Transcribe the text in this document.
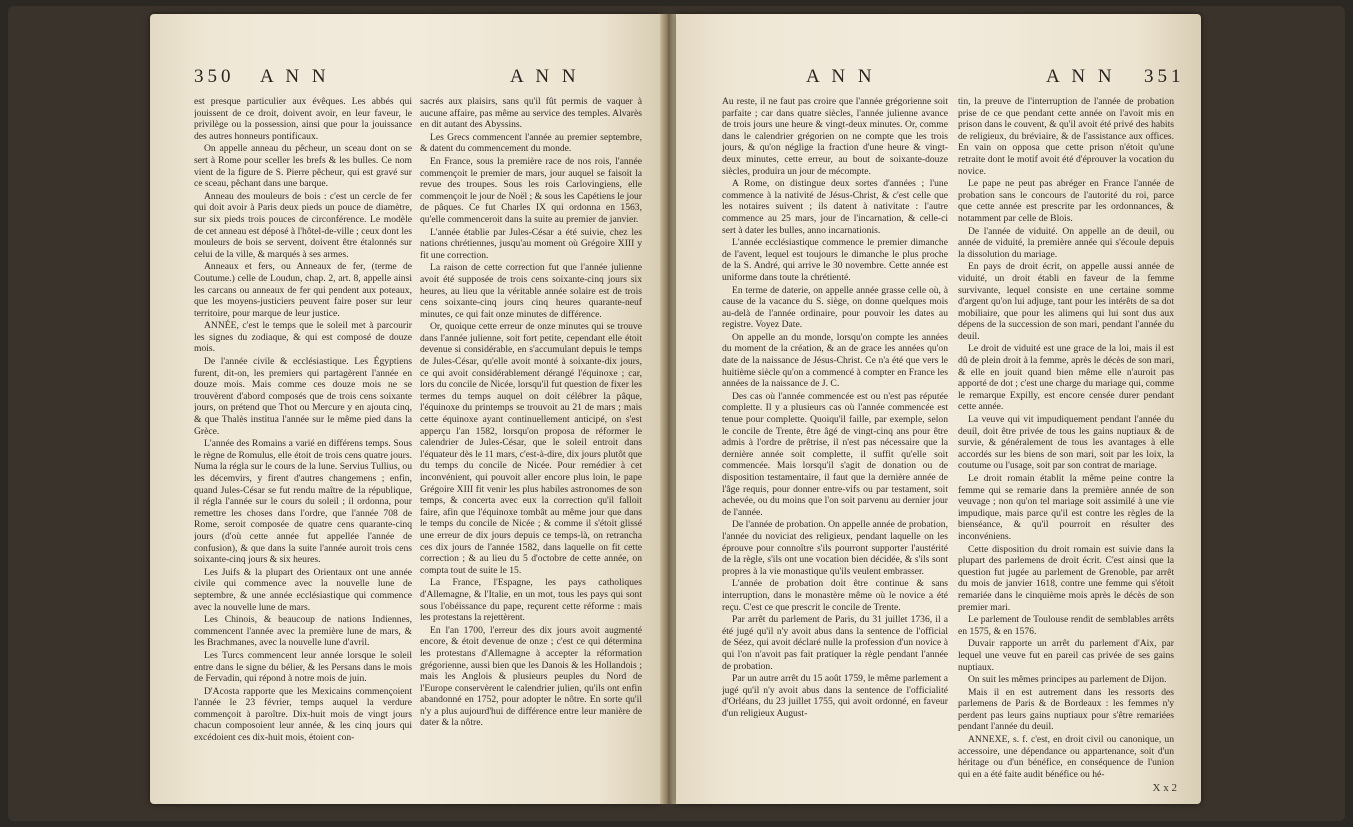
350 A N N	A N N

est presque particulier aux évêques. Les abbés qui jouissent de ce droit, doivent avoir, en leur faveur, le privilège ou la possession, ainsi que pour la jouissance des autres honneurs pontificaux.

On appelle anneau du pêcheur, un sceau dont on se sert à Rome pour sceller les brefs & les bulles. Ce nom vient de la figure de S. Pierre pêcheur, qui est gravé sur ce sceau, pêchant dans une barque.

Anneau des mouleurs de bois : c'est un cercle de fer qui doit avoir à Paris deux pieds un pouce de diamètre, sur six pieds trois pouces de circonférence. Le modèle de cet anneau est déposé à l'hôtel-de-ville ; ceux dont les mouleurs de bois se servent, doivent être étalonnés sur celui de la ville, & marqués à ses armes.

Anneaux et fers, ou Anneaux de fer, (terme de Coutume.) celle de Loudun, chap. 2, art. 8, appelle ainsi les carcans ou anneaux de fer qui pendent aux poteaux, que les moyens-justiciers peuvent faire poser sur leur territoire, pour marque de leur justice.

ANNÉE, c'est le temps que le soleil met à parcourir les signes du zodiaque, & qui est composé de douze mois.

De l'année civile & ecclésiastique. Les Égyptiens furent, dit-on, les premiers qui partagèrent l'année en douze mois. Mais comme ces douze mois ne se trouvèrent d'abord composés que de trois cens soixante jours, on prétend que Thot ou Mercure y en ajouta cinq, & que Thalès institua l'année sur le même pied dans la Grèce.

L'année des Romains a varié en différens temps. Sous le règne de Romulus, elle étoit de trois cens quatre jours. Numa la régla sur le cours de la lune. Servius Tullius, ou les décemvirs, y firent d'autres changemens ; enfin, quand Jules-César se fut rendu maître de la république, il régla l'année sur le cours du soleil ; il ordonna, pour remettre les choses dans l'ordre, que l'année 708 de Rome, seroit composée de quatre cens quarante-cinq jours (d'où cette année fut appellée l'année de confusion), & que dans la suite l'année auroit trois cens soixante-cinq jours & six heures.

Les Juifs & la plupart des Orientaux ont une année civile qui commence avec la nouvelle lune de septembre, & une année ecclésiastique qui commence avec la nouvelle lune de mars.

Les Chinois, & beaucoup de nations Indiennes, commencent l'année avec la première lune de mars, & les Brachmanes, avec la nouvelle lune d'avril.

Les Turcs commencent leur année lorsque le soleil entre dans le signe du bélier, & les Persans dans le mois de Fervadin, qui répond à notre mois de juin.

D'Acosta rapporte que les Mexicains commençoient l'année le 23 février, temps auquel la verdure commençoit à paroître. Dix-huit mois de vingt jours chacun composoient leur année, & les cinq jours qui excédoient ces dix-huit mois, étoient con-

sacrés aux plaisirs, sans qu'il fût permis de vaquer à aucune affaire, pas même au service des temples. Alvarès en dit autant des Abyssins.

Les Grecs commencent l'année au premier septembre, & datent du commencement du monde.

En France, sous la première race de nos rois, l'année commençoit le premier de mars, jour auquel se faisoit la revue des troupes. Sous les rois Carlovingiens, elle commençoit le jour de Noël ; & sous les Capétiens le jour de pâques. Ce fut Charles IX qui ordonna en 1563, qu'elle commenceroit dans la suite au premier de janvier.

L'année établie par Jules-César a été suivie, chez les nations chrétiennes, jusqu'au moment où Grégoire XIII y fit une correction.

La raison de cette correction fut que l'année julienne avoit été supposée de trois cens soixante-cinq jours six heures, au lieu que la véritable année solaire est de trois cens soixante-cinq jours cinq heures quarante-neuf minutes, ce qui fait onze minutes de différence.

Or, quoique cette erreur de onze minutes qui se trouve dans l'année julienne, soit fort petite, cependant elle étoit devenue si considérable, en s'accumulant depuis le temps de Jules-César, qu'elle avoit monté à soixante-dix jours, ce qui avoit considérablement dérangé l'équinoxe ; car, lors du concile de Nicée, lorsqu'il fut question de fixer les termes du temps auquel on doit célébrer la pâque, l'équinoxe du printemps se trouvoit au 21 de mars ; mais cette équinoxe ayant continuellement anticipé, on s'est apperçu l'an 1582, lorsqu'on proposa de réformer le calendrier de Jules-César, que le soleil entroit dans l'équateur dès le 11 mars, c'est-à-dire, dix jours plutôt que du temps du concile de Nicée. Pour remédier à cet inconvénient, qui pouvoit aller encore plus loin, le pape Grégoire XIII fit venir les plus habiles astronomes de son temps, & concerta avec eux la correction qu'il falloit faire, afin que l'équinoxe tombât au même jour que dans le temps du concile de Nicée ; & comme il s'étoit glissé une erreur de dix jours depuis ce temps-là, on retrancha ces dix jours de l'année 1582, dans laquelle on fit cette correction ; & au lieu du 5 d'octobre de cette année, on compta tout de suite le 15.

La France, l'Espagne, les pays catholiques d'Allemagne, & l'Italie, en un mot, tous les pays qui sont sous l'obéissance du pape, reçurent cette réforme : mais les protestans la rejettèrent.

En l'an 1700, l'erreur des dix jours avoit augmenté encore, & étoit devenue de onze ; c'est ce qui détermina les protestans d'Allemagne à accepter la réformation grégorienne, aussi bien que les Danois & les Hollandois ; mais les Anglois & plusieurs peuples du Nord de l'Europe conservèrent le calendrier julien, qu'ils ont enfin abandonné en 1752, pour adopter le nôtre. En sorte qu'il n'y a plus aujourd'hui de différence entre leur manière de dater & la nôtre.

A N N	A N N 351

Au reste, il ne faut pas croire que l'année grégorienne soit parfaite ; car dans quatre siècles, l'année julienne avance de trois jours une heure & vingt-deux minutes. Or, comme dans le calendrier grégorien on ne compte que les trois jours, & qu'on néglige la fraction d'une heure & vingt-deux minutes, cette erreur, au bout de soixante-douze siècles, produira un jour de mécompte.

A Rome, on distingue deux sortes d'années ; l'une commence à la nativité de Jésus-Christ, & c'est celle que les notaires suivent ; ils datent à nativitate : l'autre commence au 25 mars, jour de l'incarnation, & celle-ci sert à dater les bulles, anno incarnationis.

L'année ecclésiastique commence le premier dimanche de l'avent, lequel est toujours le dimanche le plus proche de la S. André, qui arrive le 30 novembre. Cette année est uniforme dans toute la chrétienté.

En terme de daterie, on appelle année grasse celle où, à cause de la vacance du S. siège, on donne quelques mois au-delà de l'année ordinaire, pour pouvoir les dates au registre. Voyez Date.

On appelle an du monde, lorsqu'on compte les années du moment de la création, & an de grace les années qu'on date de la naissance de Jésus-Christ. Ce n'a été que vers le huitième siècle qu'on a commencé à compter en France les années de la naissance de J. C.

Des cas où l'année commencée est ou n'est pas réputée complette. Il y a plusieurs cas où l'année commencée est tenue pour complette. Quoiqu'il faille, par exemple, selon le concile de Trente, être âgé de vingt-cinq ans pour être admis à l'ordre de prêtrise, il n'est pas nécessaire que la dernière année soit complette, il suffit qu'elle soit commencée. Mais lorsqu'il s'agit de donation ou de disposition testamentaire, il faut que la dernière année de l'âge requis, pour donner entre-vifs ou par testament, soit achevée, ou du moins que l'on soit parvenu au dernier jour de l'année.

De l'année de probation. On appelle année de probation, l'année du noviciat des religieux, pendant laquelle on les éprouve pour connoître s'ils pourront supporter l'austérité de la règle, s'ils ont une vocation bien décidée, & s'ils sont propres à la vie monastique qu'ils veulent embrasser.

L'année de probation doit être continue & sans interruption, dans le monastère même où le novice a été reçu. C'est ce que prescrit le concile de Trente.

Par arrêt du parlement de Paris, du 31 juillet 1736, il a été jugé qu'il n'y avoit abus dans la sentence de l'official de Séez, qui avoit déclaré nulle la profession d'un novice à qui l'on n'avoit pas fait pratiquer la règle pendant l'année de probation.

Par un autre arrêt du 15 août 1759, le même parlement a jugé qu'il n'y avoit abus dans la sentence de l'officialité d'Orléans, du 23 juillet 1755, qui avoit ordonné, en faveur d'un religieux August-

tin, la preuve de l'interruption de l'année de probation prise de ce que pendant cette année on l'avoit mis en prison dans le couvent, & qu'il avoit été privé des habits de religieux, du bréviaire, & de l'assistance aux offices. En vain on opposa que cette prison n'étoit qu'une retraite dont le motif avoit été d'éprouver la vocation du novice.

Le pape ne peut pas abréger en France l'année de probation sans le concours de l'autorité du roi, parce que cette année est prescrite par les ordonnances, & notamment par celle de Blois.

De l'année de viduité. On appelle an de deuil, ou année de viduité, la première année qui s'écoule depuis la dissolution du mariage.

En pays de droit écrit, on appelle aussi année de viduité, un droit établi en faveur de la femme survivante, lequel consiste en une certaine somme d'argent qu'on lui adjuge, tant pour les intérêts de sa dot mobiliaire, que pour les alimens qui lui sont dus aux dépens de la succession de son mari, pendant l'année du deuil.

Le droit de viduité est une grace de la loi, mais il est dû de plein droit à la femme, après le décès de son mari, & elle en jouit quand bien même elle n'auroit pas apporté de dot ; c'est une charge du mariage qui, comme le remarque Expilly, est encore censée durer pendant cette année.

La veuve qui vit impudiquement pendant l'année du deuil, doit être privée de tous les gains nuptiaux & de survie, & généralement de tous les avantages à elle accordés sur les biens de son mari, soit par les loix, la coutume ou l'usage, soit par son contrat de mariage.

Le droit romain établit la même peine contre la femme qui se remarie dans la première année de son veuvage ; non qu'on tel mariage soit assimilé à une vie impudique, mais parce qu'il est contre les règles de la bienséance, & qu'il pourroit en résulter des inconvéniens.

Cette disposition du droit romain est suivie dans la plupart des parlemens de droit écrit. C'est ainsi que la question fut jugée au parlement de Grenoble, par arrêt du mois de janvier 1618, contre une femme qui s'étoit remariée dans le cinquième mois après le décès de son premier mari.

Le parlement de Toulouse rendit de semblables arrêts en 1575, & en 1576.

Duvair rapporte un arrêt du parlement d'Aix, par lequel une veuve fut en pareil cas privée de ses gains nuptiaux.

On suit les mêmes principes au parlement de Dijon.

Mais il en est autrement dans les ressorts des parlemens de Paris & de Bordeaux : les femmes n'y perdent pas leurs gains nuptiaux pour s'être remariées pendant l'année du deuil.

ANNEXE, s. f. c'est, en droit civil ou canonique, un accessoire, une dépendance ou appartenance, soit d'un héritage ou d'un bénéfice, en conséquence de l'union qui en a été faite audit bénéfice ou hé-

X x 2
